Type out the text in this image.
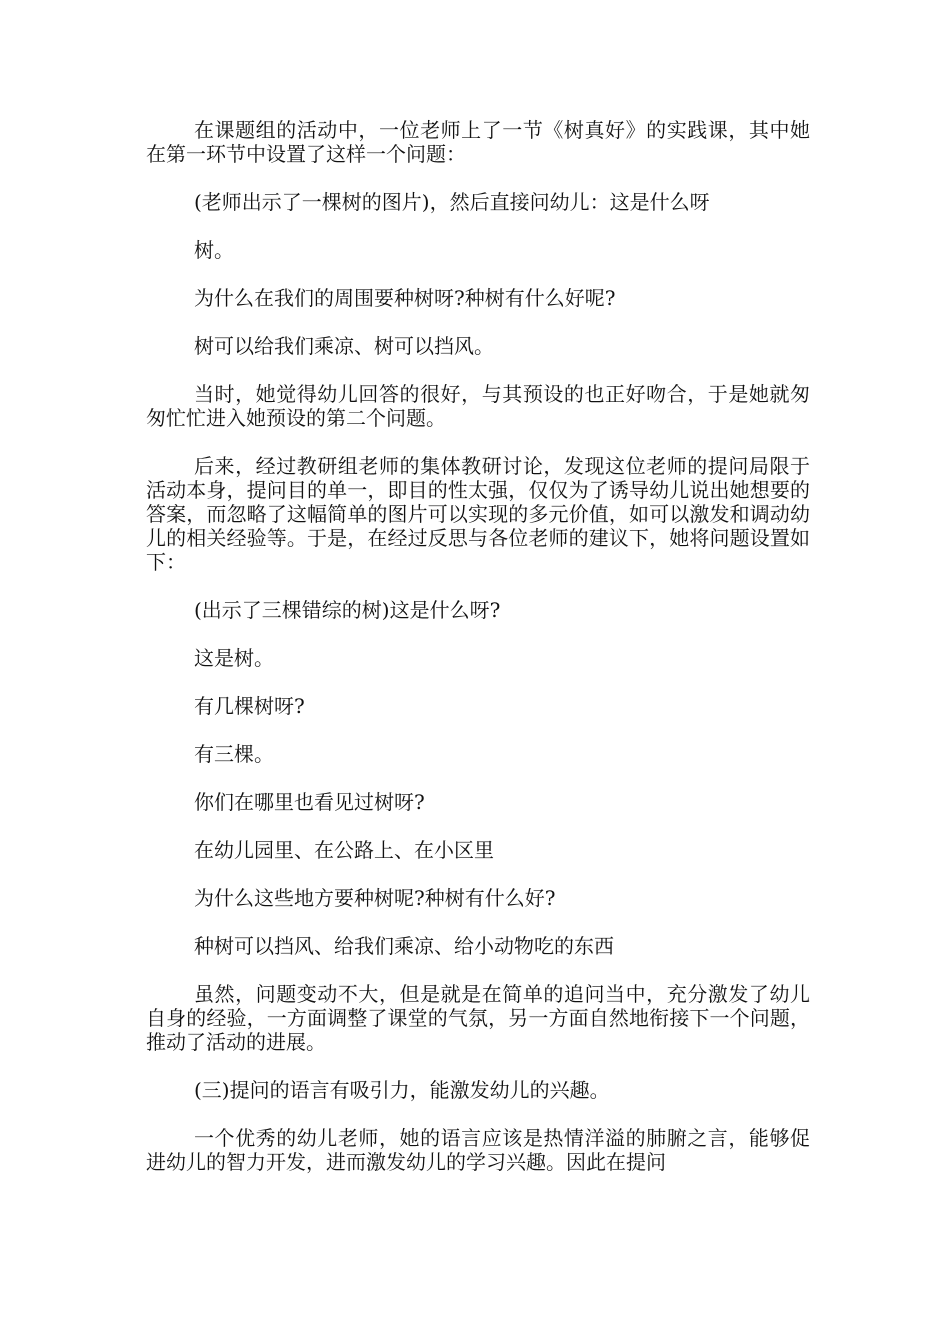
在课题组的活动中，一位老师上了一节《树真好》的实践课，其中她在第一环节中设置了这样一个问题：

(老师出示了一棵树的图片)，然后直接问幼儿：这是什么呀

树。

为什么在我们的周围要种树呀?种树有什么好呢?

树可以给我们乘凉、树可以挡风。

当时，她觉得幼儿回答的很好，与其预设的也正好吻合，于是她就匆匆忙忙进入她预设的第二个问题。

后来，经过教研组老师的集体教研讨论，发现这位老师的提问局限于活动本身，提问目的单一，即目的性太强，仅仅为了诱导幼儿说出她想要的答案，而忽略了这幅简单的图片可以实现的多元价值，如可以激发和调动幼儿的相关经验等。于是，在经过反思与各位老师的建议下，她将问题设置如下：

(出示了三棵错综的树)这是什么呀?

这是树。

有几棵树呀?

有三棵。

你们在哪里也看见过树呀?

在幼儿园里、在公路上、在小区里

为什么这些地方要种树呢?种树有什么好?

种树可以挡风、给我们乘凉、给小动物吃的东西

虽然，问题变动不大，但是就是在简单的追问当中，充分激发了幼儿自身的经验，一方面调整了课堂的气氛，另一方面自然地衔接下一个问题，推动了活动的进展。

(三)提问的语言有吸引力，能激发幼儿的兴趣。

一个优秀的幼儿老师，她的语言应该是热情洋溢的肺腑之言，能够促进幼儿的智力开发，进而激发幼儿的学习兴趣。因此在提问
